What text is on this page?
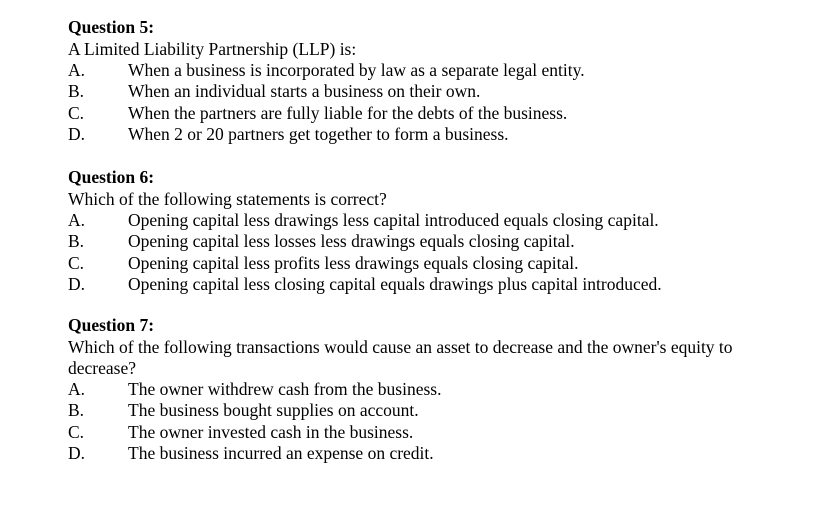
Question 5:
A Limited Liability Partnership (LLP) is:
A.	When a business is incorporated by law as a separate legal entity.
B.	When an individual starts a business on their own.
C.	When the partners are fully liable for the debts of the business.
D.	When 2 or 20 partners get together to form a business.
Question 6:
Which of the following statements is correct?
A.	Opening capital less drawings less capital introduced equals closing capital.
B.	Opening capital less losses less drawings equals closing capital.
C.	Opening capital less profits less drawings equals closing capital.
D.	Opening capital less closing capital equals drawings plus capital introduced.
Question 7:
Which of the following transactions would cause an asset to decrease and the owner's equity to decrease?
A.	The owner withdrew cash from the business.
B.	The business bought supplies on account.
C.	The owner invested cash in the business.
D.	The business incurred an expense on credit.
